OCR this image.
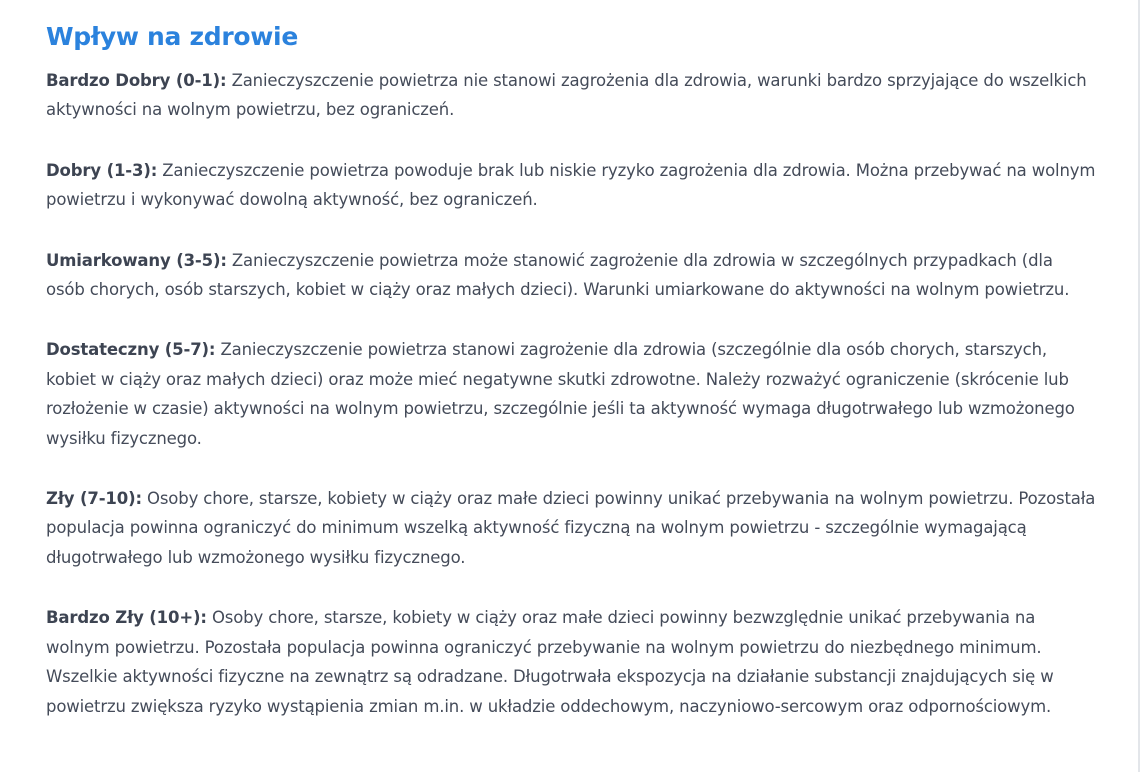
Wpływ na zdrowie

Bardzo Dobry (0-1): Zanieczyszczenie powietrza nie stanowi zagrożenia dla zdrowia, warunki bardzo sprzyjające do wszelkich aktywności na wolnym powietrzu, bez ograniczeń.

Dobry (1-3): Zanieczyszczenie powietrza powoduje brak lub niskie ryzyko zagrożenia dla zdrowia. Można przebywać na wolnym powietrzu i wykonywać dowolną aktywność, bez ograniczeń.

Umiarkowany (3-5): Zanieczyszczenie powietrza może stanowić zagrożenie dla zdrowia w szczególnych przypadkach (dla osób chorych, osób starszych, kobiet w ciąży oraz małych dzieci). Warunki umiarkowane do aktywności na wolnym powietrzu.

Dostateczny (5-7): Zanieczyszczenie powietrza stanowi zagrożenie dla zdrowia (szczególnie dla osób chorych, starszych, kobiet w ciąży oraz małych dzieci) oraz może mieć negatywne skutki zdrowotne. Należy rozważyć ograniczenie (skrócenie lub rozłożenie w czasie) aktywności na wolnym powietrzu, szczególnie jeśli ta aktywność wymaga długotrwałego lub wzmożonego wysiłku fizycznego.

Zły (7-10): Osoby chore, starsze, kobiety w ciąży oraz małe dzieci powinny unikać przebywania na wolnym powietrzu. Pozostała populacja powinna ograniczyć do minimum wszelką aktywność fizyczną na wolnym powietrzu - szczególnie wymagającą długotrwałego lub wzmożonego wysiłku fizycznego.

Bardzo Zły (10+): Osoby chore, starsze, kobiety w ciąży oraz małe dzieci powinny bezwzględnie unikać przebywania na wolnym powietrzu. Pozostała populacja powinna ograniczyć przebywanie na wolnym powietrzu do niezbędnego minimum. Wszelkie aktywności fizyczne na zewnątrz są odradzane. Długotrwała ekspozycja na działanie substancji znajdujących się w powietrzu zwiększa ryzyko wystąpienia zmian m.in. w układzie oddechowym, naczyniowo-sercowym oraz odpornościowym.
